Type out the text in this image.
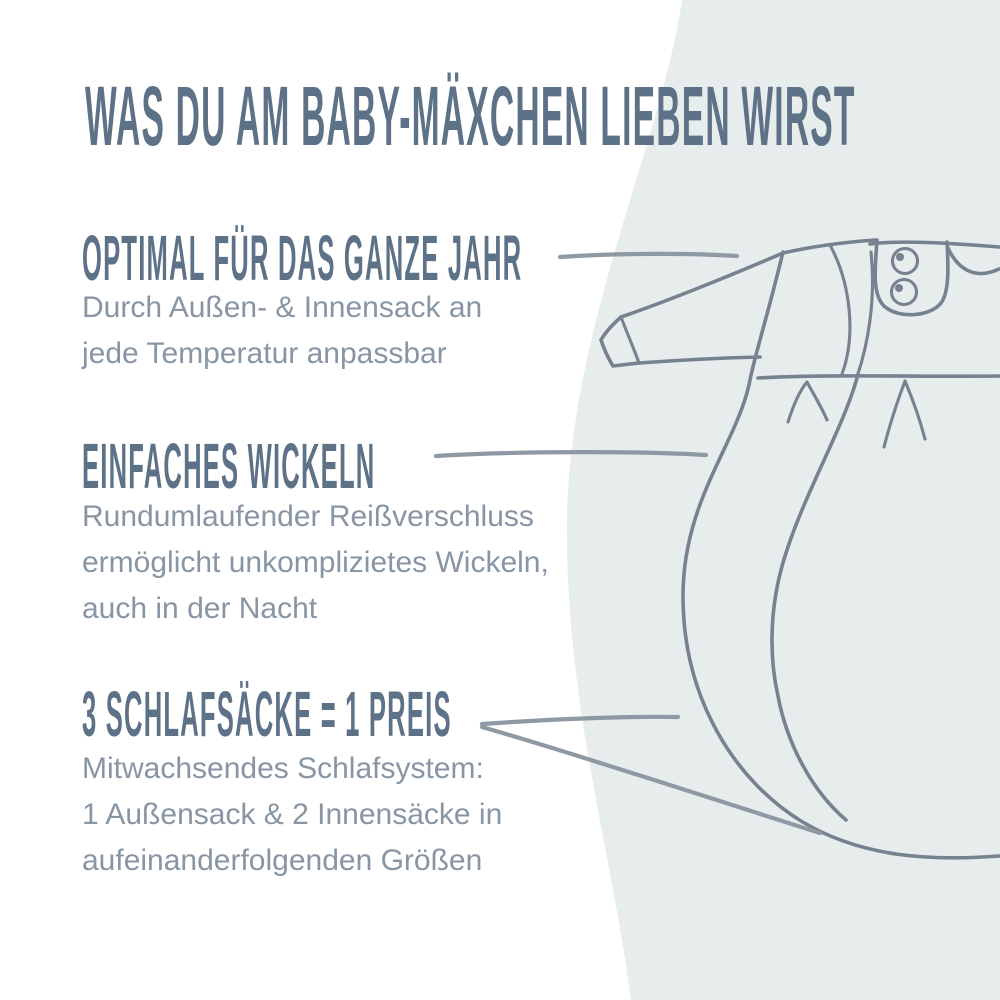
WAS DU AM BABY-MÄXCHEN LIEBEN WIRST
OPTIMAL FÜR DAS GANZE JAHR
Durch Außen- & Innensack an
jede Temperatur anpassbar
EINFACHES WICKELN
Rundumlaufender Reißverschluss
ermöglicht unkomplizietes Wickeln,
auch in der Nacht
3 SCHLAFSÄCKE = 1 PREIS
Mitwachsendes Schlafsystem:
1 Außensack & 2 Innensäcke in
aufeinanderfolgenden Größen
